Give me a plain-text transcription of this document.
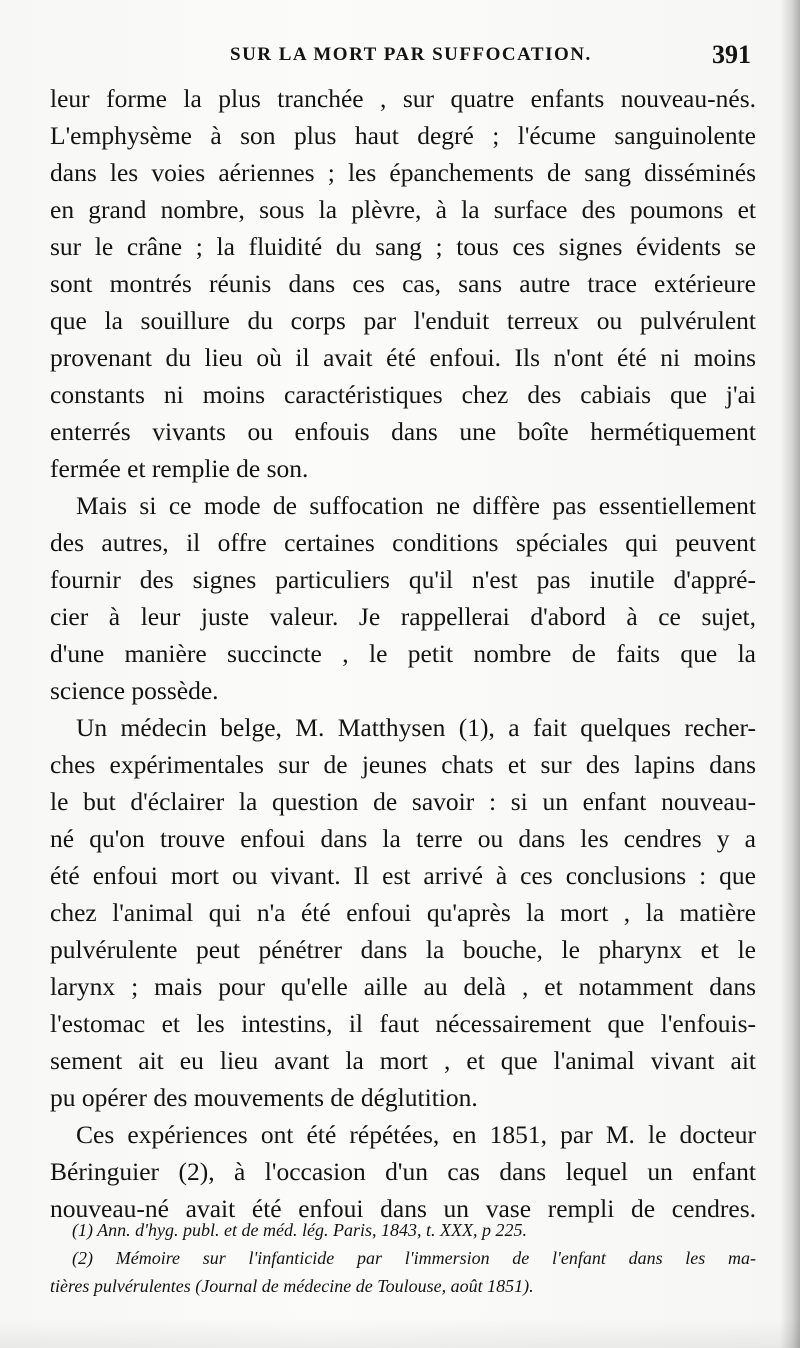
SUR LA MORT PAR SUFFOCATION.	391
leur forme la plus tranchée , sur quatre enfants nouveau-nés.
L'emphysème à son plus haut degré ; l'écume sanguinolente
dans les voies aériennes ; les épanchements de sang disséminés
en grand nombre, sous la plèvre, à la surface des poumons et
sur le crâne ; la fluidité du sang ; tous ces signes évidents se
sont montrés réunis dans ces cas, sans autre trace extérieure
que la souillure du corps par l'enduit terreux ou pulvérulent
provenant du lieu où il avait été enfoui. Ils n'ont été ni moins
constants ni moins caractéristiques chez des cabiais que j'ai
enterrés vivants ou enfouis dans une boîte hermétiquement
fermée et remplie de son.
Mais si ce mode de suffocation ne diffère pas essentiellement
des autres, il offre certaines conditions spéciales qui peuvent
fournir des signes particuliers qu'il n'est pas inutile d'appré-
cier à leur juste valeur. Je rappellerai d'abord à ce sujet,
d'une manière succincte , le petit nombre de faits que la
science possède.
Un médecin belge, M. Matthysen (1), a fait quelques recher-
ches expérimentales sur de jeunes chats et sur des lapins dans
le but d'éclairer la question de savoir : si un enfant nouveau-
né qu'on trouve enfoui dans la terre ou dans les cendres y a
été enfoui mort ou vivant. Il est arrivé à ces conclusions : que
chez l'animal qui n'a été enfoui qu'après la mort , la matière
pulvérulente peut pénétrer dans la bouche, le pharynx et le
larynx ; mais pour qu'elle aille au delà , et notamment dans
l'estomac et les intestins, il faut nécessairement que l'enfouis-
sement ait eu lieu avant la mort , et que l'animal vivant ait
pu opérer des mouvements de déglutition.
Ces expériences ont été répétées, en 1851, par M. le docteur
Béringuier (2), à l'occasion d'un cas dans lequel un enfant
nouveau-né avait été enfoui dans un vase rempli de cendres.
(1) Ann. d'hyg. publ. et de méd. lég. Paris, 1843, t. XXX, p 225.
(2) Mémoire sur l'infanticide par l'immersion de l'enfant dans les ma-
tières pulvérulentes (Journal de médecine de Toulouse, août 1851).
